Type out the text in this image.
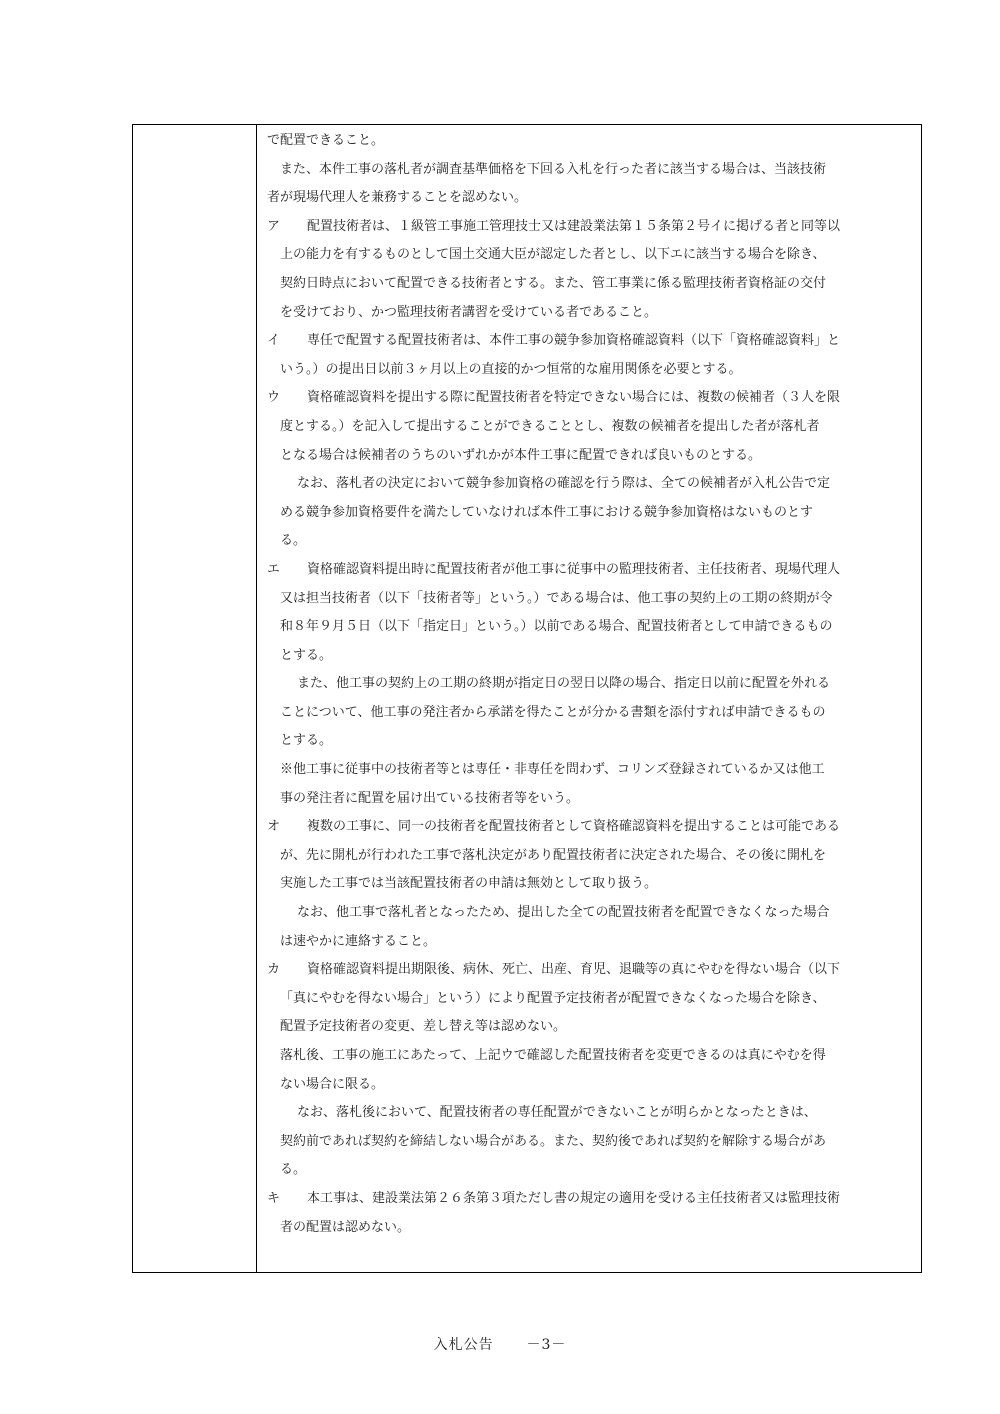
で配置できること。
また、本件工事の落札者が調査基準価格を下回る入札を行った者に該当する場合は、当該技術
者が現場代理人を兼務することを認めない。
ア 配置技術者は、１級管工事施工管理技士又は建設業法第１５条第２号イに掲げる者と同等以
上の能力を有するものとして国土交通大臣が認定した者とし、以下エに該当する場合を除き、
契約日時点において配置できる技術者とする。また、管工事業に係る監理技術者資格証の交付
を受けており、かつ監理技術者講習を受けている者であること。
イ 専任で配置する配置技術者は、本件工事の競争参加資格確認資料（以下「資格確認資料」と
いう。）の提出日以前３ヶ月以上の直接的かつ恒常的な雇用関係を必要とする。
ウ 資格確認資料を提出する際に配置技術者を特定できない場合には、複数の候補者（３人を限
度とする。）を記入して提出することができることとし、複数の候補者を提出した者が落札者
となる場合は候補者のうちのいずれかが本件工事に配置できれば良いものとする。
なお、落札者の決定において競争参加資格の確認を行う際は、全ての候補者が入札公告で定
める競争参加資格要件を満たしていなければ本件工事における競争参加資格はないものとす
る。
エ 資格確認資料提出時に配置技術者が他工事に従事中の監理技術者、主任技術者、現場代理人
又は担当技術者（以下「技術者等」という。）である場合は、他工事の契約上の工期の終期が令
和８年９月５日（以下「指定日」という。）以前である場合、配置技術者として申請できるもの
とする。
また、他工事の契約上の工期の終期が指定日の翌日以降の場合、指定日以前に配置を外れる
ことについて、他工事の発注者から承諾を得たことが分かる書類を添付すれば申請できるもの
とする。
※他工事に従事中の技術者等とは専任・非専任を問わず、コリンズ登録されているか又は他工
事の発注者に配置を届け出ている技術者等をいう。
オ 複数の工事に、同一の技術者を配置技術者として資格確認資料を提出することは可能である
が、先に開札が行われた工事で落札決定があり配置技術者に決定された場合、その後に開札を
実施した工事では当該配置技術者の申請は無効として取り扱う。
なお、他工事で落札者となったため、提出した全ての配置技術者を配置できなくなった場合
は速やかに連絡すること。
カ 資格確認資料提出期限後、病休、死亡、出産、育児、退職等の真にやむを得ない場合（以下
「真にやむを得ない場合」という）により配置予定技術者が配置できなくなった場合を除き、
配置予定技術者の変更、差し替え等は認めない。
落札後、工事の施工にあたって、上記ウで確認した配置技術者を変更できるのは真にやむを得
ない場合に限る。
なお、落札後において、配置技術者の専任配置ができないことが明らかとなったときは、
契約前であれば契約を締結しない場合がある。また、契約後であれば契約を解除する場合があ
る。
キ 本工事は、建設業法第２６条第３項ただし書の規定の適用を受ける主任技術者又は監理技術
者の配置は認めない。
入札公告 －3－
